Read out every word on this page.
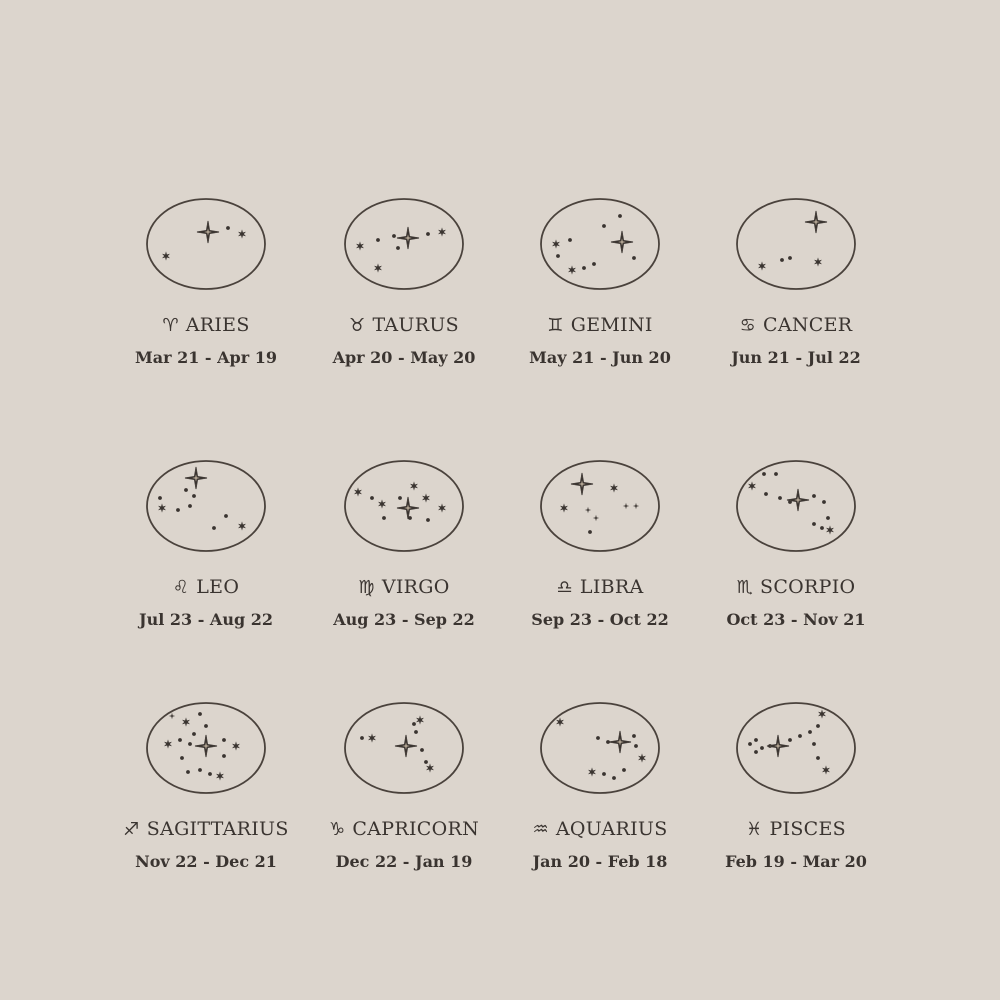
♈ ARIES
Mar 21 - Apr 19
♉ TAURUS
Apr 20 - May 20
♊ GEMINI
May 21 - Jun 20
♋ CANCER
Jun 21 - Jul 22
♌ LEO
Jul 23 - Aug 22
♍ VIRGO
Aug 23 - Sep 22
♎ LIBRA
Sep 23 - Oct 22
♏ SCORPIO
Oct 23 - Nov 21
♐ SAGITTARIUS
Nov 22 - Dec 21
♑ CAPRICORN
Dec 22 - Jan 19
♒ AQUARIUS
Jan 20 - Feb 18
♓ PISCES
Feb 19 - Mar 20
